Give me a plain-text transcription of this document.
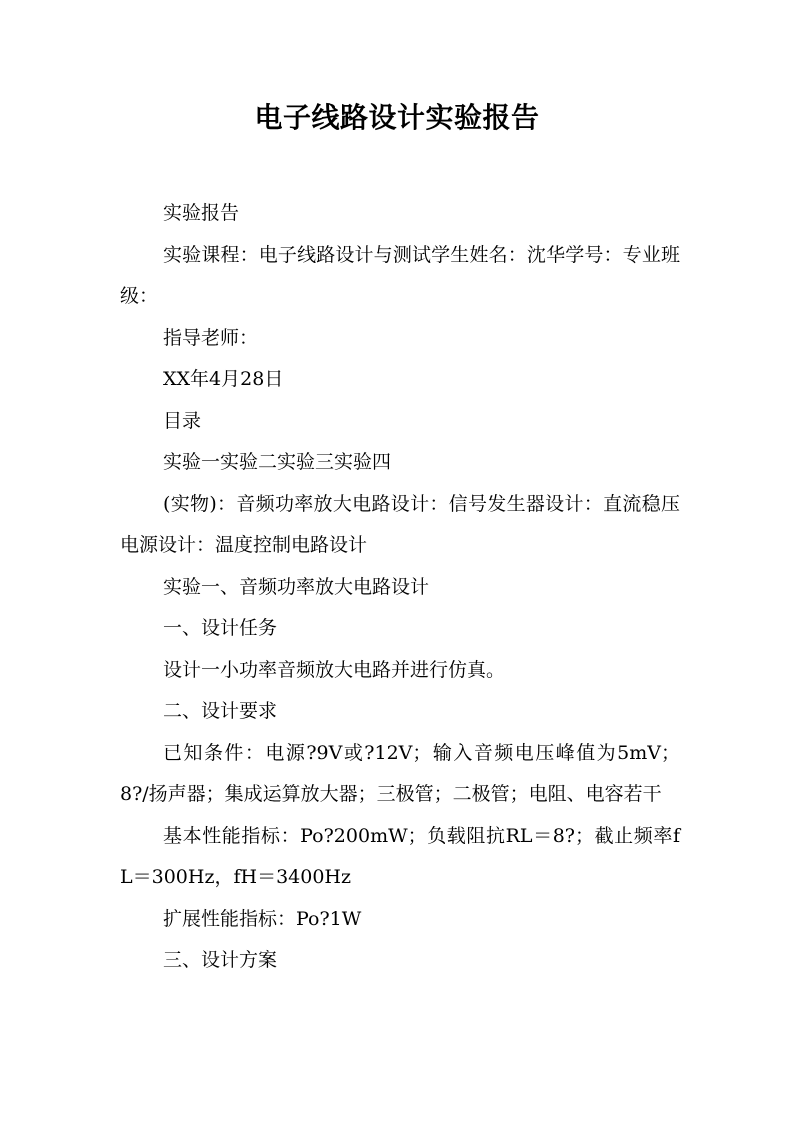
电子线路设计实验报告

实验报告

实验课程：电子线路设计与测试学生姓名：沈华学号：专业班级：

指导老师：

XX年4月28日

目录

实验一实验二实验三实验四

(实物)：音频功率放大电路设计：信号发生器设计：直流稳压电源设计：温度控制电路设计

实验一、音频功率放大电路设计

一、设计任务

设计一小功率音频放大电路并进行仿真。

二、设计要求

已知条件：电源?9V或?12V；输入音频电压峰值为5mV；8?/扬声器；集成运算放大器；三极管；二极管；电阻、电容若干

基本性能指标：Po?200mW；负载阻抗RL＝8?；截止频率fL＝300Hz，fH＝3400Hz

扩展性能指标：Po?1W

三、设计方案
